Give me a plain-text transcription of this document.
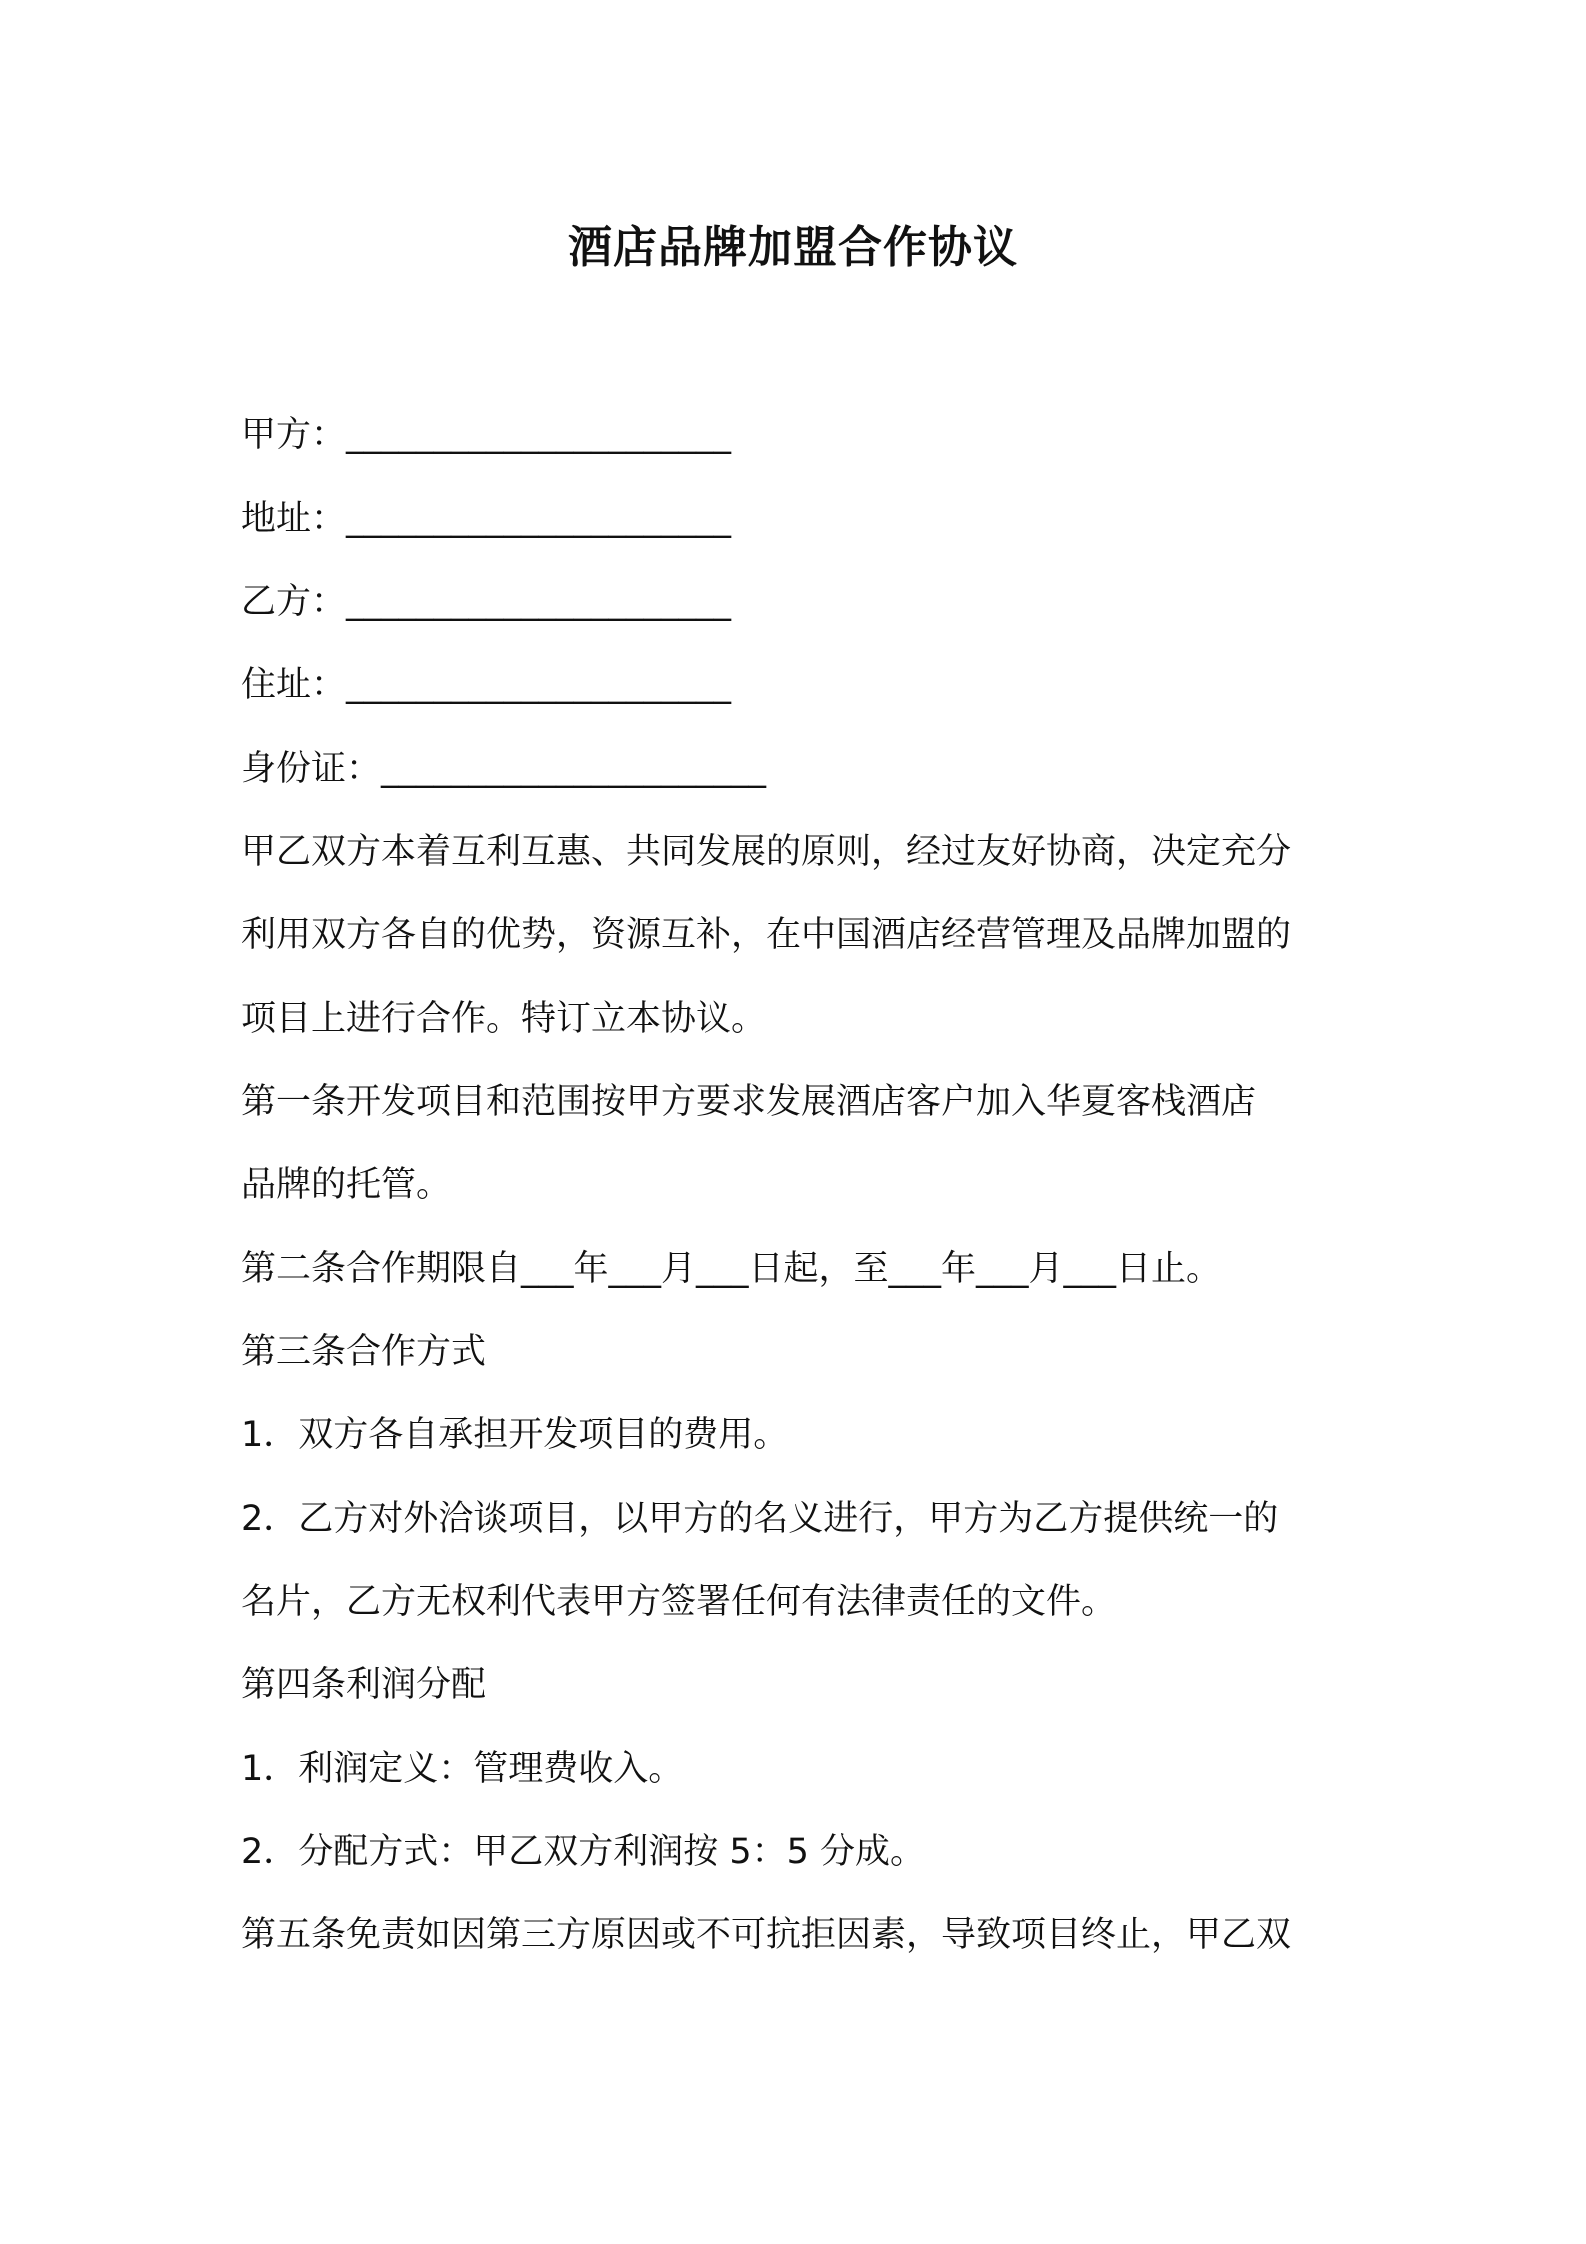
酒店品牌加盟合作协议
甲方：______________________
地址：______________________
乙方：______________________
住址：______________________
身份证：______________________
甲乙双方本着互利互惠、共同发展的原则，经过友好协商，决定充分
利用双方各自的优势，资源互补，在中国酒店经营管理及品牌加盟的
项目上进行合作。特订立本协议。
第一条开发项目和范围按甲方要求发展酒店客户加入华夏客栈酒店
品牌的托管。
第二条合作期限自___年___月___日起，至___年___月___日止。
第三条合作方式
1．双方各自承担开发项目的费用。
2．乙方对外洽谈项目，以甲方的名义进行，甲方为乙方提供统一的
名片，乙方无权利代表甲方签署任何有法律责任的文件。
第四条利润分配
1．利润定义：管理费收入。
2．分配方式：甲乙双方利润按 5：5 分成。
第五条免责如因第三方原因或不可抗拒因素，导致项目终止，甲乙双
